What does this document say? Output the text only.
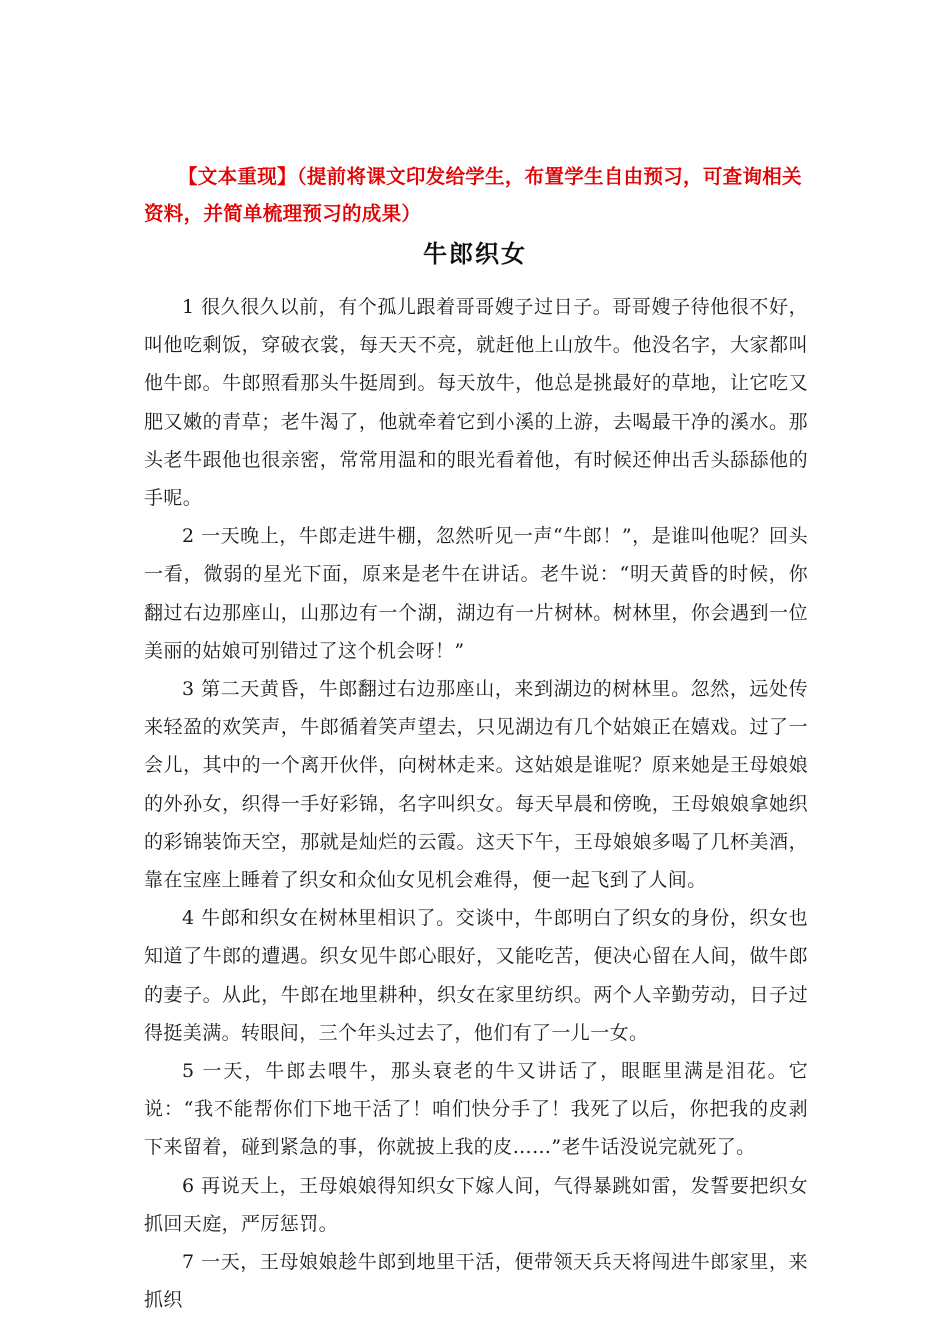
【文本重现】（提前将课文印发给学生，布置学生自由预习，可查询相关资料，并简单梳理预习的成果）
牛郎织女

1 很久很久以前，有个孤儿跟着哥哥嫂子过日子。哥哥嫂子待他很不好，叫他吃剩饭，穿破衣裳，每天天不亮，就赶他上山放牛。他没名字，大家都叫他牛郎。牛郎照看那头牛挺周到。每天放牛，他总是挑最好的草地，让它吃又肥又嫩的青草；老牛渴了，他就牵着它到小溪的上游，去喝最干净的溪水。那头老牛跟他也很亲密，常常用温和的眼光看着他，有时候还伸出舌头舔舔他的手呢。

2 一天晚上，牛郎走进牛棚，忽然听见一声“牛郎！”，是谁叫他呢？回头一看，微弱的星光下面，原来是老牛在讲话。老牛说：“明天黄昏的时候，你翻过右边那座山，山那边有一个湖，湖边有一片树林。树林里，你会遇到一位美丽的姑娘可别错过了这个机会呀！”

3 第二天黄昏，牛郎翻过右边那座山，来到湖边的树林里。忽然，远处传来轻盈的欢笑声，牛郎循着笑声望去，只见湖边有几个姑娘正在嬉戏。过了一会儿，其中的一个离开伙伴，向树林走来。这姑娘是谁呢？原来她是王母娘娘的外孙女，织得一手好彩锦，名字叫织女。每天早晨和傍晚，王母娘娘拿她织的彩锦装饰天空，那就是灿烂的云霞。这天下午，王母娘娘多喝了几杯美酒，靠在宝座上睡着了织女和众仙女见机会难得，便一起飞到了人间。

4 牛郎和织女在树林里相识了。交谈中，牛郎明白了织女的身份，织女也知道了牛郎的遭遇。织女见牛郎心眼好，又能吃苦，便决心留在人间，做牛郎的妻子。从此，牛郎在地里耕种，织女在家里纺织。两个人辛勤劳动，日子过得挺美满。转眼间，三个年头过去了，他们有了一儿一女。

5 一天，牛郎去喂牛，那头衰老的牛又讲话了，眼眶里满是泪花。它说：“我不能帮你们下地干活了！咱们快分手了！我死了以后，你把我的皮剥下来留着，碰到紧急的事，你就披上我的皮……”老牛话没说完就死了。

6 再说天上，王母娘娘得知织女下嫁人间，气得暴跳如雷，发誓要把织女抓回天庭，严厉惩罚。

7 一天，王母娘娘趁牛郎到地里干活，便带领天兵天将闯进牛郎家里，来抓织
